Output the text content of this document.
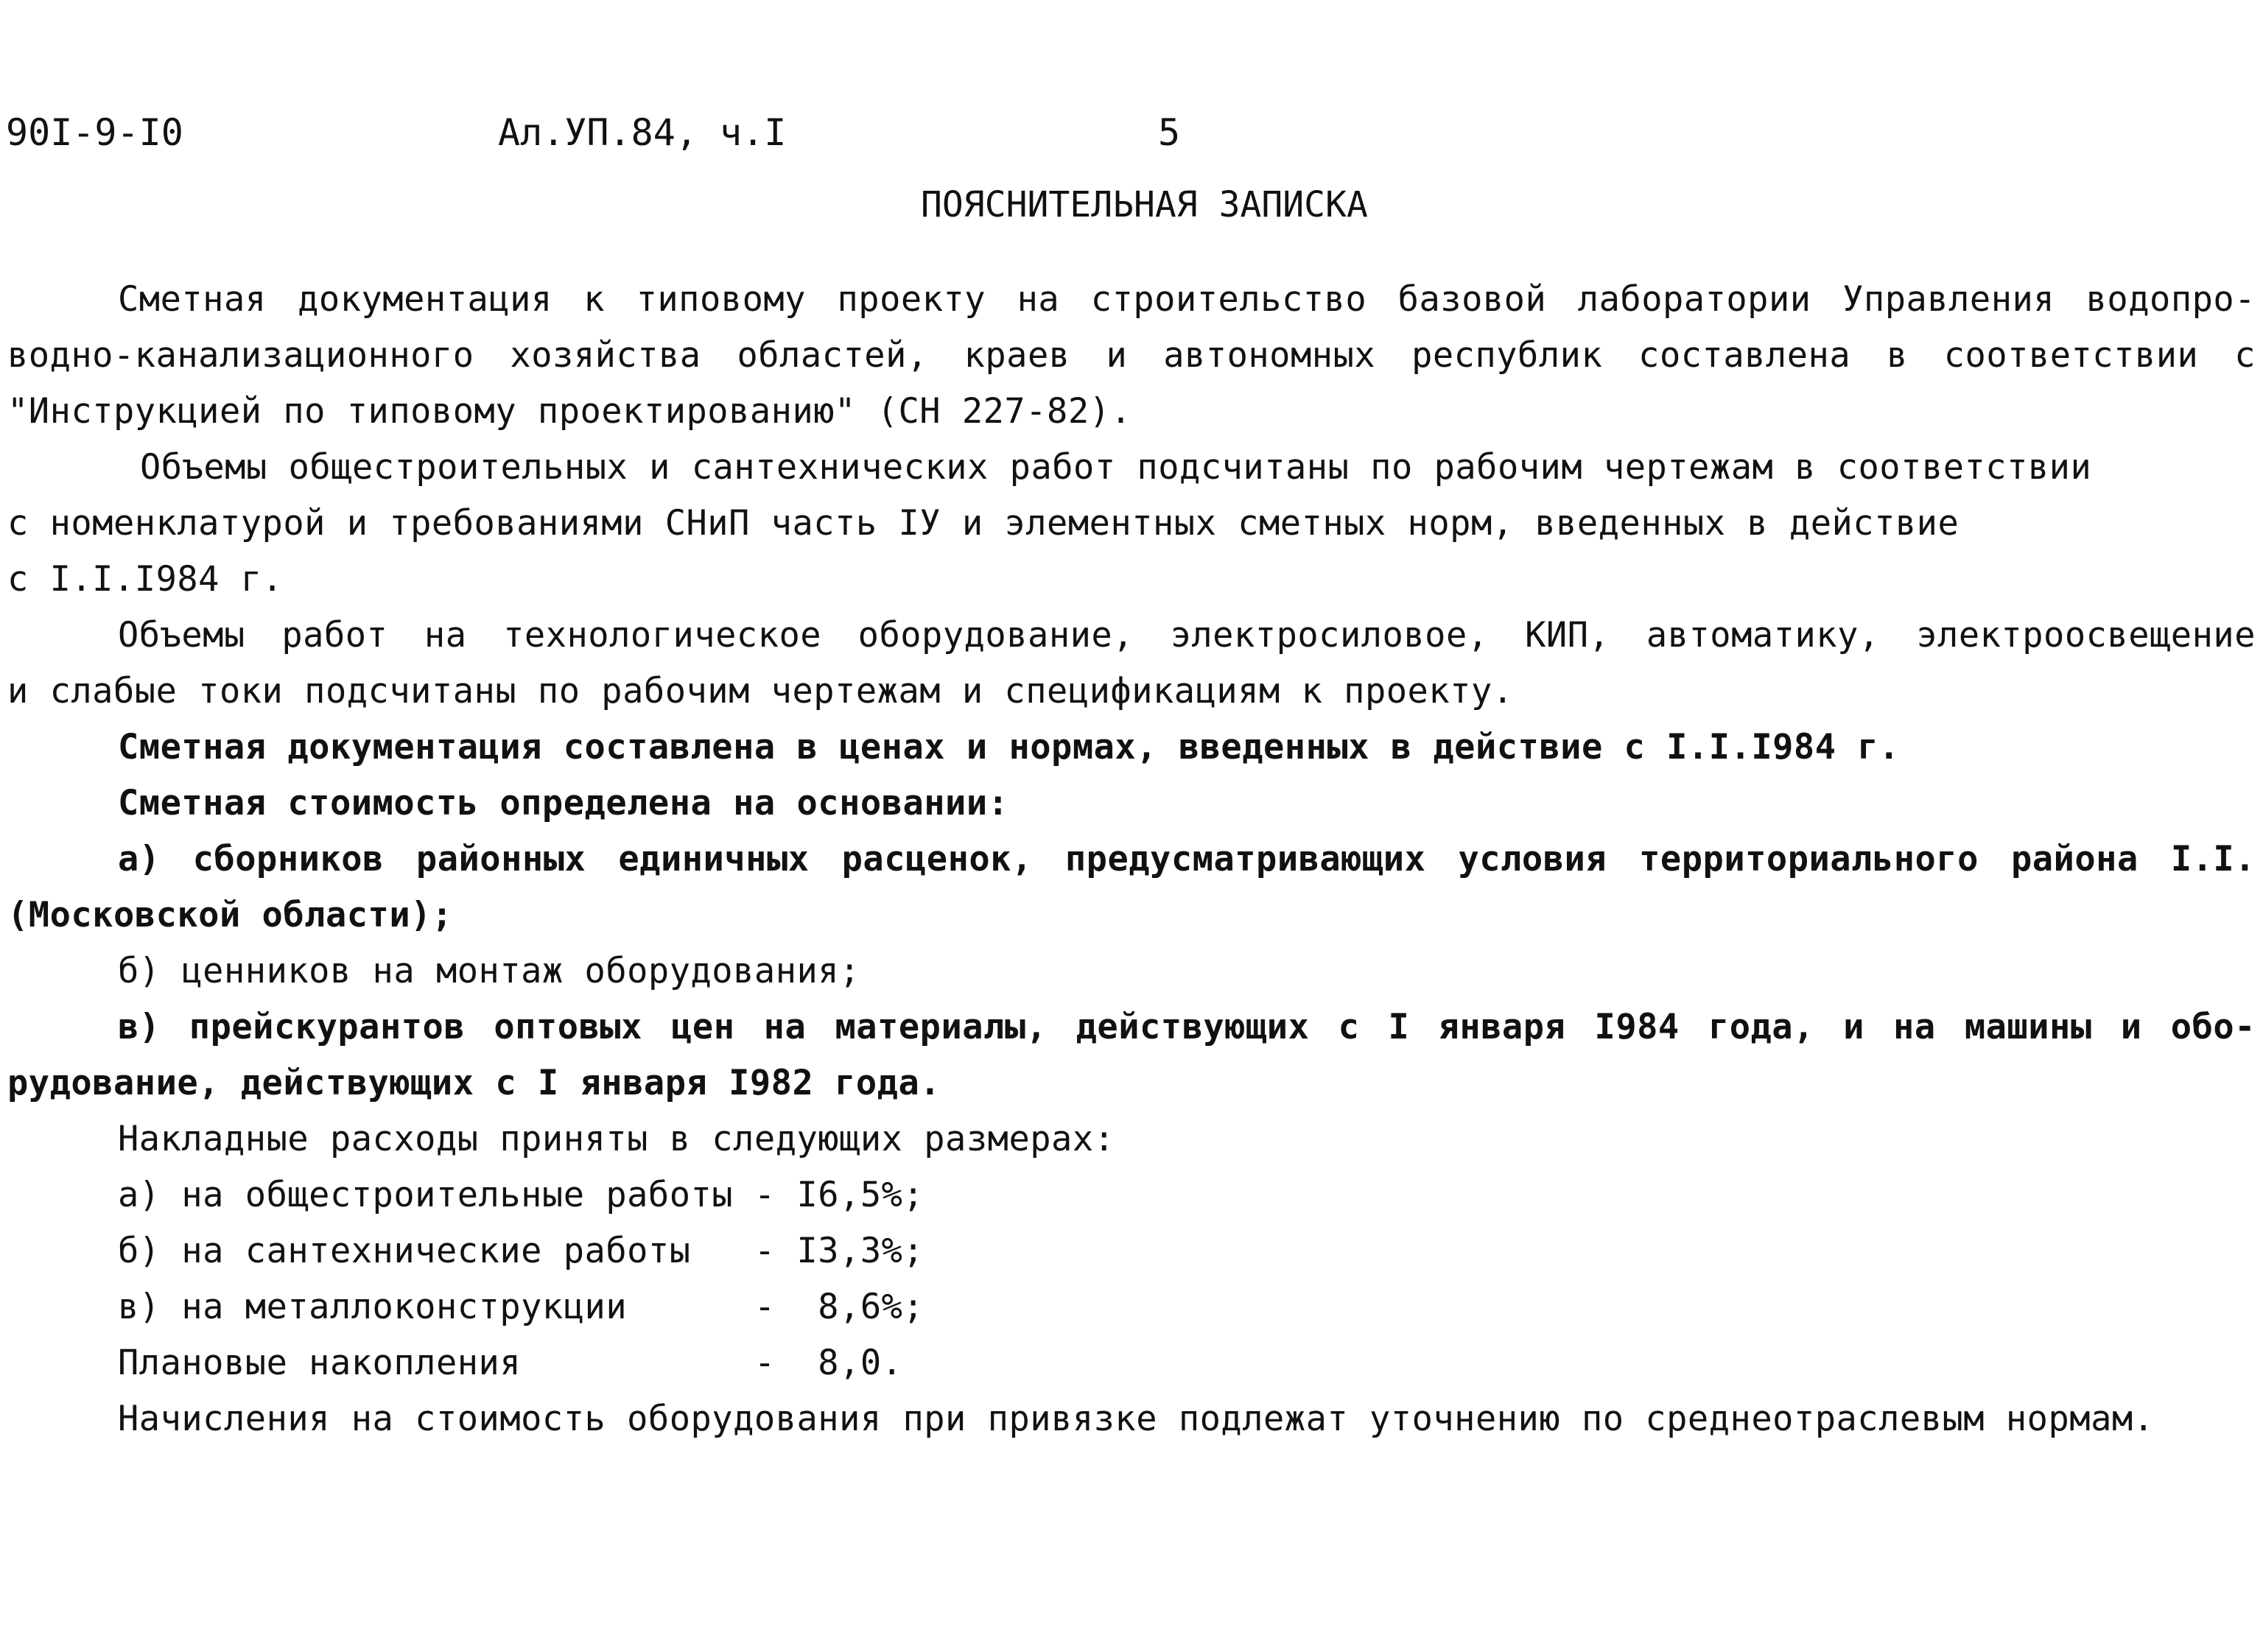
90I-9-I0	Ал.УП.84, ч.I	5
ПОЯСНИТЕЛЬНАЯ ЗАПИСКА
Сметная документация к типовому проекту на строительство базовой лаборатории Управления водопро-
водно-канализационного хозяйства областей, краев и автономных республик составлена в соответствии с
"Инструкцией по типовому проектированию" (СН 227-82).
Объемы общестроительных и сантехнических работ подсчитаны по рабочим чертежам в соответствии
с номенклатурой и требованиями СНиП часть IУ и элементных сметных норм, введенных в действие
с I.I.I984 г.
Объемы работ на технологическое оборудование, электросиловое, КИП, автоматику, электроосвещение
и слабые токи подсчитаны по рабочим чертежам и спецификациям к проекту.
Сметная документация составлена в ценах и нормах, введенных в действие с I.I.I984 г.
Сметная стоимость определена на основании:
а) сборников районных единичных расценок, предусматривающих условия территориального района I.I.
(Московской области);
б) ценников на монтаж оборудования;
в) прейскурантов оптовых цен на материалы, действующих с I января I984 года, и на машины и обо-
рудование, действующих с I января I982 года.
Накладные расходы приняты в следующих размерах:
а) на общестроительные работы - I6,5%;
б) на сантехнические работы   - I3,3%;
в) на металлоконструкции      -  8,6%;
Плановые накопления           -  8,0.
Начисления на стоимость оборудования при привязке подлежат уточнению по среднеотраслевым нормам.
